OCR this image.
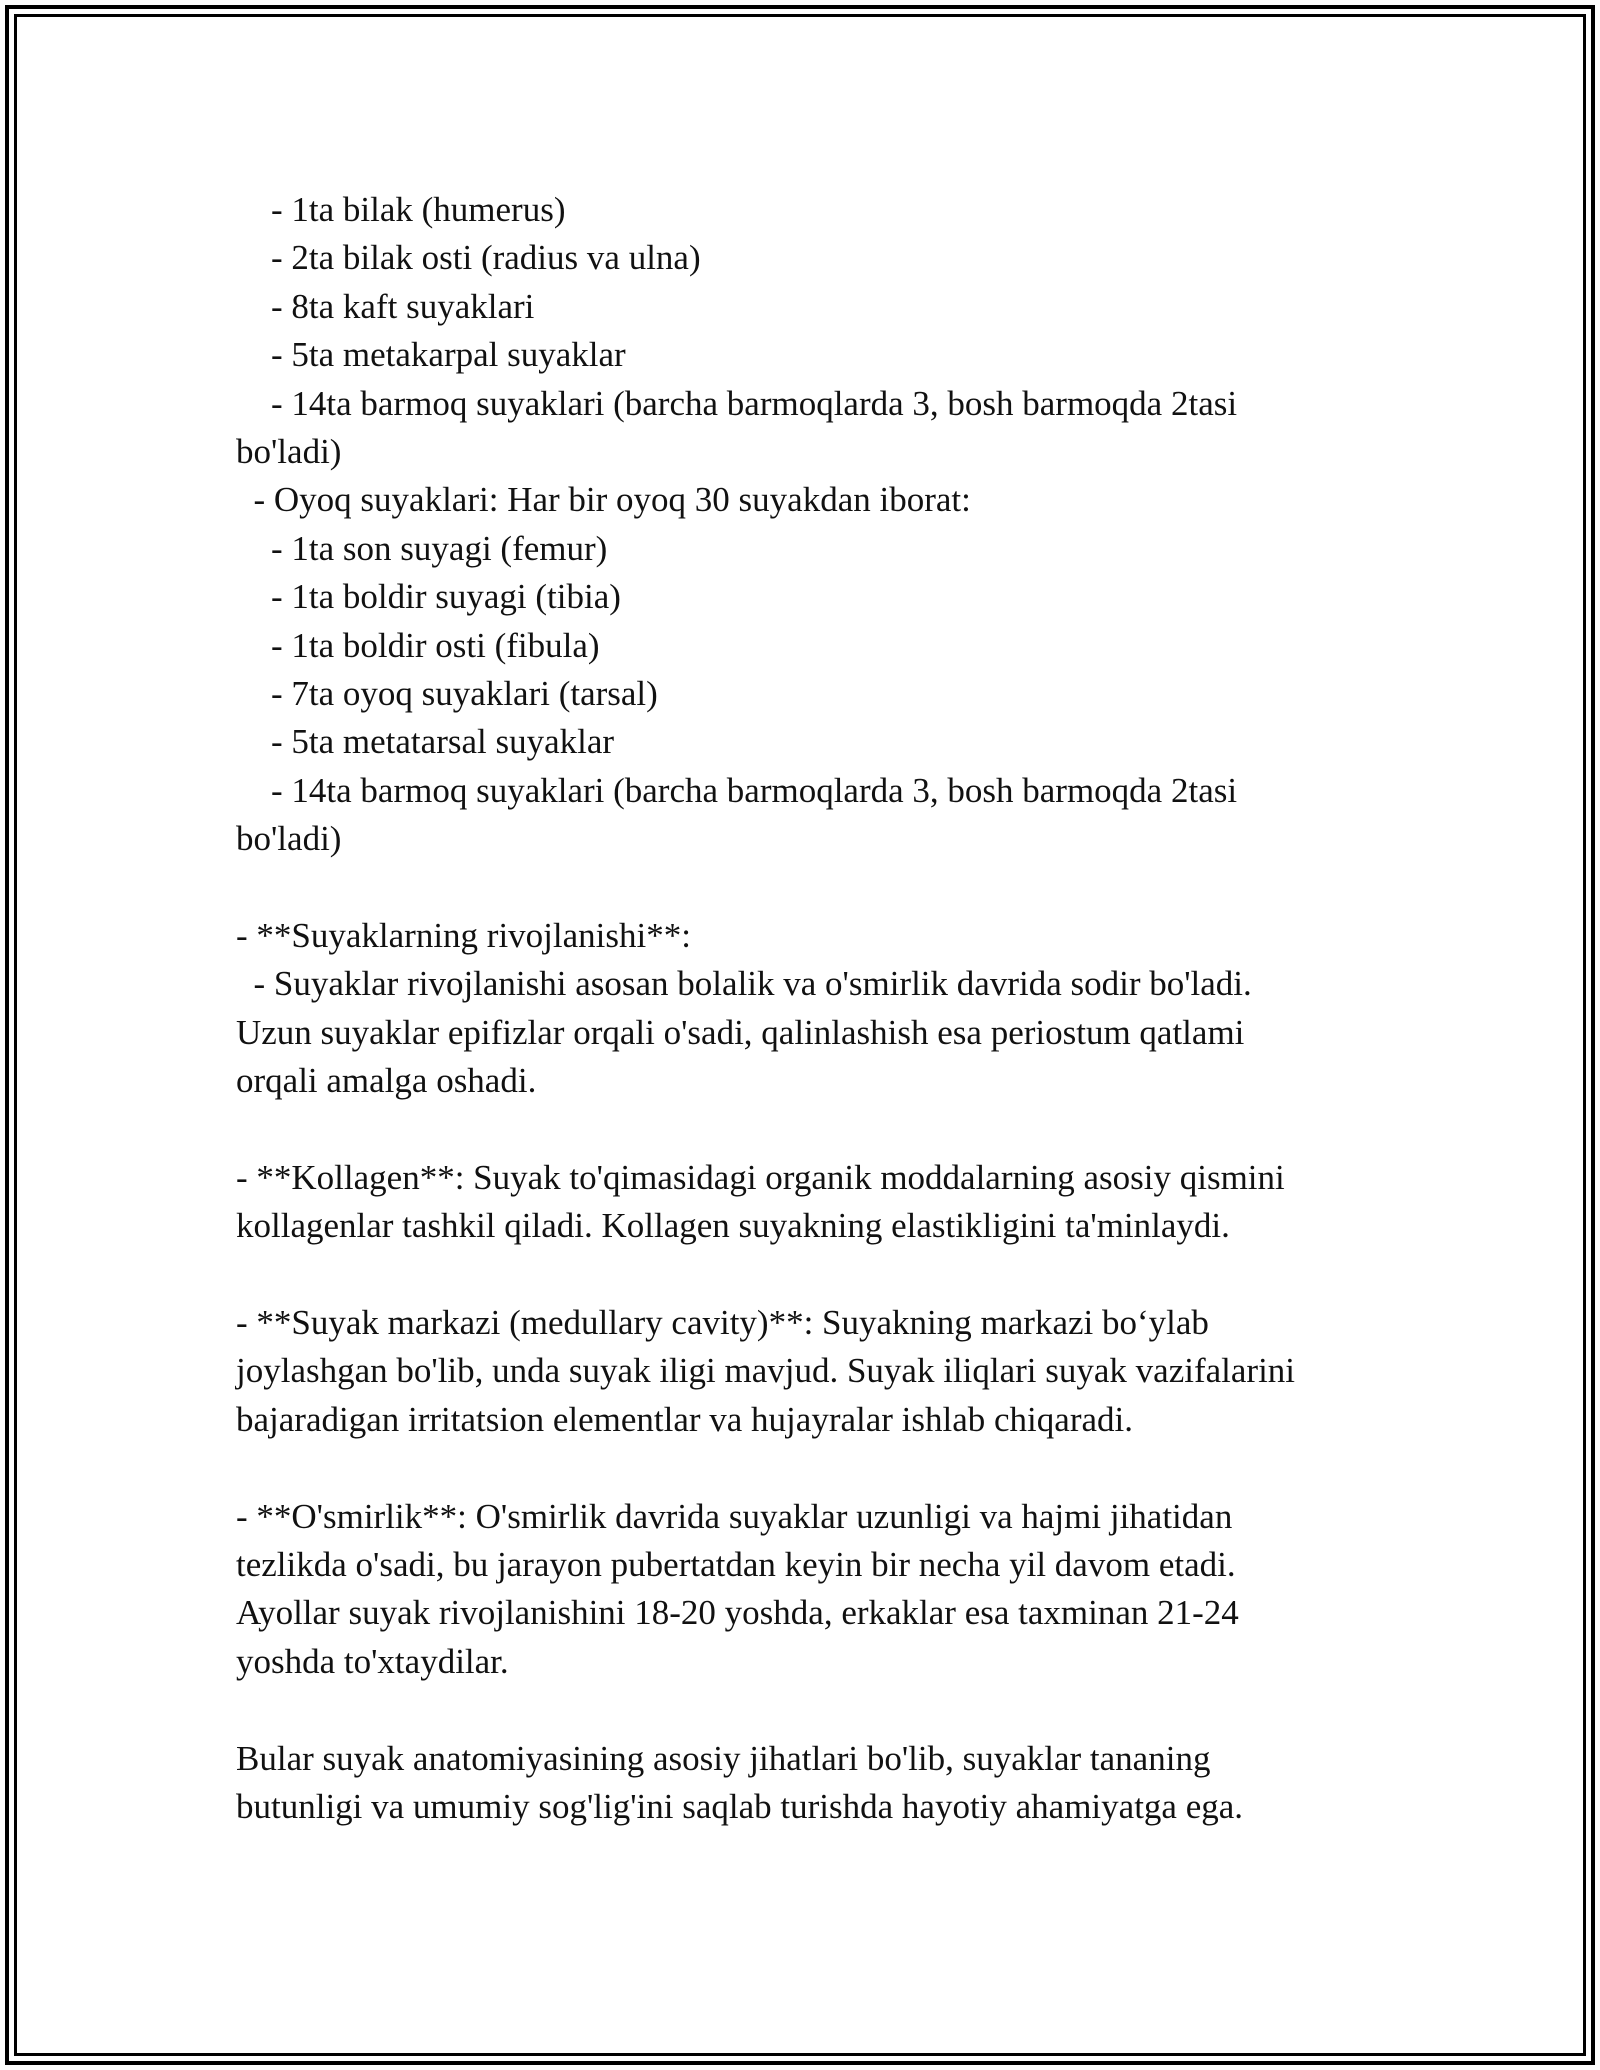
- 1ta bilak (humerus)
- 2ta bilak osti (radius va ulna)
- 8ta kaft suyaklari
- 5ta metakarpal suyaklar
- 14ta barmoq suyaklari (barcha barmoqlarda 3, bosh barmoqda 2tasi
bo'ladi)
- Oyoq suyaklari: Har bir oyoq 30 suyakdan iborat:
- 1ta son suyagi (femur)
- 1ta boldir suyagi (tibia)
- 1ta boldir osti (fibula)
- 7ta oyoq suyaklari (tarsal)
- 5ta metatarsal suyaklar
- 14ta barmoq suyaklari (barcha barmoqlarda 3, bosh barmoqda 2tasi
bo'ladi)
- **Suyaklarning rivojlanishi**:
- Suyaklar rivojlanishi asosan bolalik va o'smirlik davrida sodir bo'ladi.
Uzun suyaklar epifizlar orqali o'sadi, qalinlashish esa periostum qatlami
orqali amalga oshadi.
- **Kollagen**: Suyak to'qimasidagi organik moddalarning asosiy qismini
kollagenlar tashkil qiladi. Kollagen suyakning elastikligini ta'minlaydi.
- **Suyak markazi (medullary cavity)**: Suyakning markazi bo‘ylab
joylashgan bo'lib, unda suyak iligi mavjud. Suyak iliqlari suyak vazifalarini
bajaradigan irritatsion elementlar va hujayralar ishlab chiqaradi.
- **O'smirlik**: O'smirlik davrida suyaklar uzunligi va hajmi jihatidan
tezlikda o'sadi, bu jarayon pubertatdan keyin bir necha yil davom etadi.
Ayollar suyak rivojlanishini 18-20 yoshda, erkaklar esa taxminan 21-24
yoshda to'xtaydilar.
Bular suyak anatomiyasining asosiy jihatlari bo'lib, suyaklar tananing
butunligi va umumiy sog'lig'ini saqlab turishda hayotiy ahamiyatga ega.
